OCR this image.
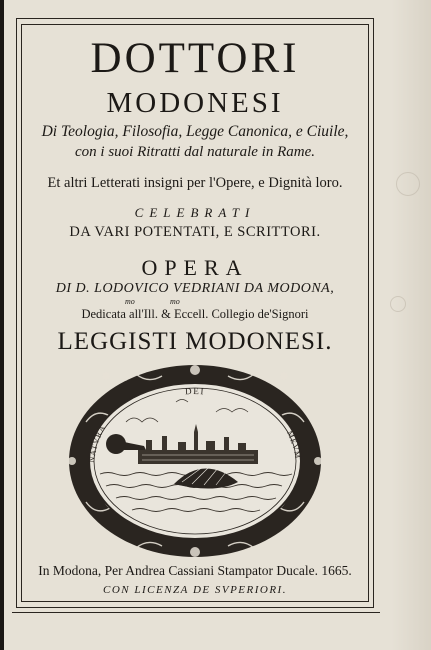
DOTTORI

MODONESI

Di Teologia, Filosofia, Legge Canonica, e Ciuile,

con i suoi Ritratti dal naturale in Rame.

Et altri Letterati insigni per l'Opere, e Dignità loro.

CELEBRATI

DA VARI POTENTATI, E SCRITTORI.

OPERA

DI D. LODOVICO VEDRIANI DA MODONA,

mo	mo

Dedicata all'Ill. & Eccell. Collegio de'Signori

LEGGISTI MODONESI.

DEI
NATVRA
MEVM

In Modona, Per Andrea Cassiani Stampator Ducale. 1665.

CON LICENZA DE SVPERIORI.
